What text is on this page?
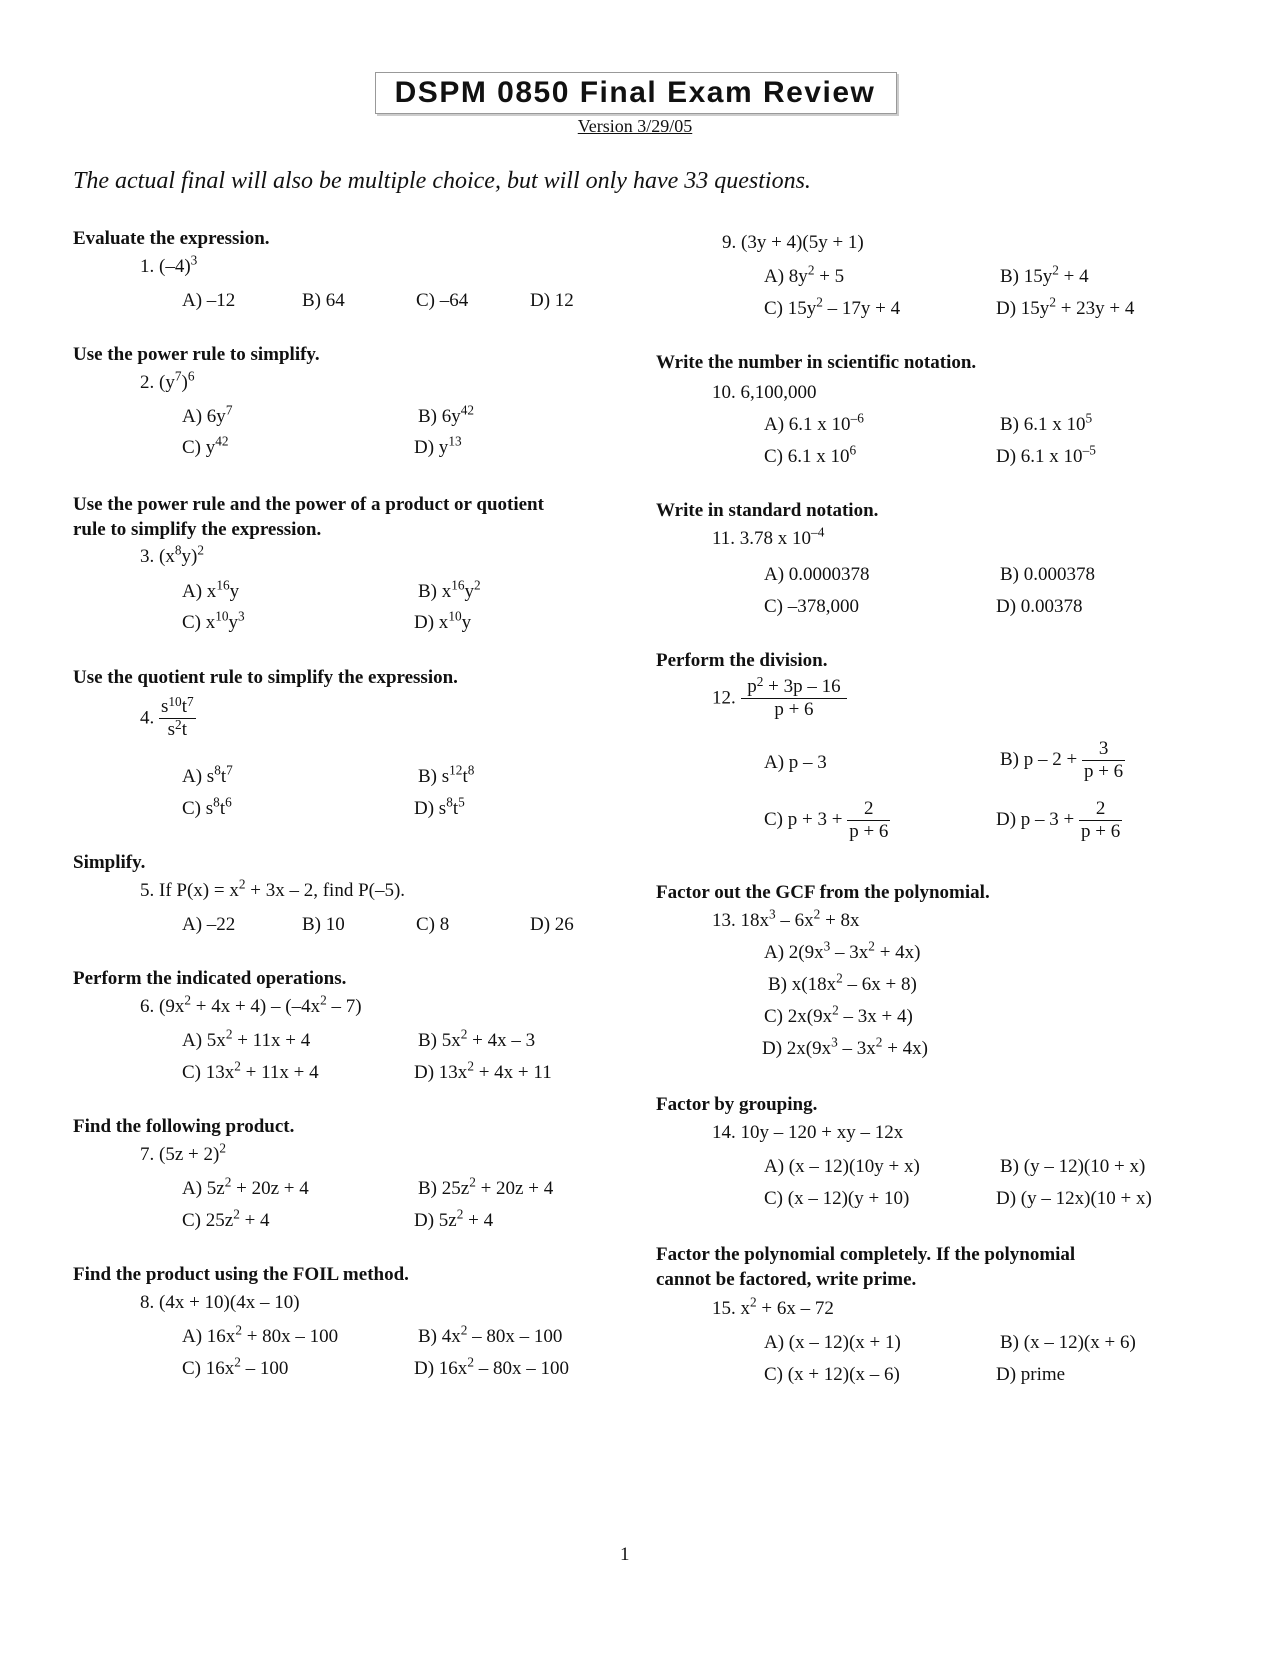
DSPM 0850 Final Exam Review
Version 3/29/05
The actual final will also be multiple choice, but will only have 33 questions.
Evaluate the expression.
1. $(-4)^3$
A) –12	B) 64	C) –64	D) 12
Use the power rule to simplify.
2. $(y^7)^6$
A) $6y^7$	B) $6y^{42}$
C) $y^{42}$	D) $y^{13}$
Use the power rule and the power of a product or quotient
rule to simplify the expression.
3. $(x^8y)^2$
A) $x^{16}y$	B) $x^{16}y^2$
C) $x^{10}y^3$	D) $x^{10}y$
Use the quotient rule to simplify the expression.
4. $\frac{s^{10}t^7}{s^2t}$
A) $s^8t^7$	B) $s^{12}t^8$
C) $s^8t^6$	D) $s^8t^5$
Simplify.
5. If $P(x) = x^2 + 3x - 2$, find P(–5).
A) –22	B) 10	C) 8	D) 26
Perform the indicated operations.
6. $(9x^2 + 4x + 4) - (-4x^2 - 7)$
A) $5x^2 + 11x + 4$	B) $5x^2 + 4x - 3$
C) $13x^2 + 11x + 4$	D) $13x^2 + 4x + 11$
Find the following product.
7. $(5z + 2)^2$
A) $5z^2 + 20z + 4$	B) $25z^2 + 20z + 4$
C) $25z^2 + 4$	D) $5z^2 + 4$
Find the product using the FOIL method.
8. (4x + 10)(4x – 10)
A) $16x^2 + 80x - 100$	B) $4x^2 - 80x - 100$
C) $16x^2 - 100$	D) $16x^2 - 80x - 100$
9. (3y + 4)(5y + 1)
A) $8y^2 + 5$	B) $15y^2 + 4$
C) $15y^2 - 17y + 4$	D) $15y^2 + 23y + 4$
Write the number in scientific notation.
10. 6,100,000
A) 6.1 x $10^{-6}$	B) 6.1 x $10^5$
C) 6.1 x $10^6$	D) 6.1 x $10^{-5}$
Write in standard notation.
11. 3.78 x $10^{-4}$
A) 0.0000378	B) 0.000378
C) –378,000	D) 0.00378
Perform the division.
12. $\frac{p^2 + 3p - 16}{p + 6}$
A) p – 3	B) $p - 2 + \frac{3}{p + 6}$
C) $p + 3 + \frac{2}{p + 6}$	D) $p - 3 + \frac{2}{p + 6}$
Factor out the GCF from the polynomial.
13. $18x^3 - 6x^2 + 8x$
A) $2(9x^3 - 3x^2 + 4x)$
B) $x(18x^2 - 6x + 8)$
C) $2x(9x^2 - 3x + 4)$
D) $2x(9x^3 - 3x^2 + 4x)$
Factor by grouping.
14. 10y – 120 + xy – 12x
A) (x – 12)(10y + x)	B) (y – 12)(10 + x)
C) (x – 12)(y + 10)	D) (y – 12x)(10 + x)
Factor the polynomial completely. If the polynomial
cannot be factored, write prime.
15. $x^2 + 6x - 72$
A) (x – 12)(x + 1)	B) (x – 12)(x + 6)
C) (x + 12)(x – 6)	D) prime
1
